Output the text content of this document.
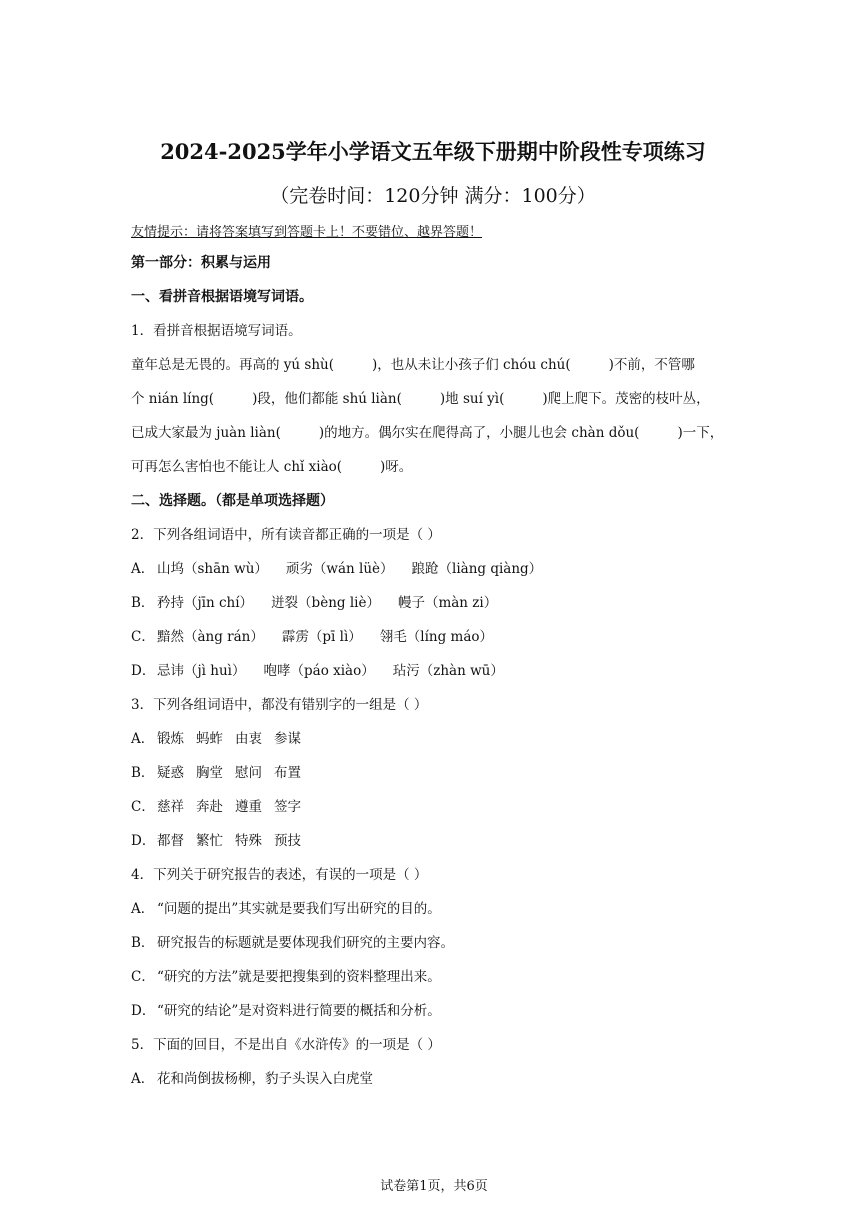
2024-2025学年小学语文五年级下册期中阶段性专项练习
（完卷时间：120分钟 满分：100分）
友情提示：请将答案填写到答题卡上！不要错位、越界答题！
第一部分：积累与运用
一、看拼音根据语境写词语。
1．看拼音根据语境写词语。
童年总是无畏的。再高的 yú shù(	)，也从未让小孩子们 chóu chú(	)不前，不管哪
个 nián líng(	)段，他们都能 shú liàn(	)地 suí yì(	)爬上爬下。茂密的枝叶丛，
已成大家最为 juàn liàn(	)的地方。偶尔实在爬得高了，小腿儿也会 chàn dǒu(	)一下，
可再怎么害怕也不能让人 chǐ xiào(	)呀。
二、选择题。（都是单项选择题）
2．下列各组词语中，所有读音都正确的一项是（ ）
A． 山坞（shān wù） 顽劣（wán lüè） 踉跄（liàng qiàng）
B． 矜持（jīn chí） 迸裂（bèng liè） 幔子（màn zi）
C． 黯然（àng rán） 霹雳（pī lì） 翎毛（líng máo）
D． 忌讳（jì huì） 咆哮（páo xiào） 玷污（zhàn wū）
3．下列各组词语中，都没有错别字的一组是（ ）
A． 锻炼 蚂蚱 由衷 参谋
B． 疑惑 胸堂 慰问 布置
C． 慈祥 奔赴 遵重 签字
D． 都督 繁忙 特殊 预技
4．下列关于研究报告的表述，有误的一项是（ ）
A． “问题的提出”其实就是要我们写出研究的目的。
B． 研究报告的标题就是要体现我们研究的主要内容。
C． “研究的方法”就是要把搜集到的资料整理出来。
D． “研究的结论”是对资料进行简要的概括和分析。
5．下面的回目，不是出自《水浒传》的一项是（ ）
A． 花和尚倒拔杨柳，豹子头误入白虎堂
试卷第1页，共6页
